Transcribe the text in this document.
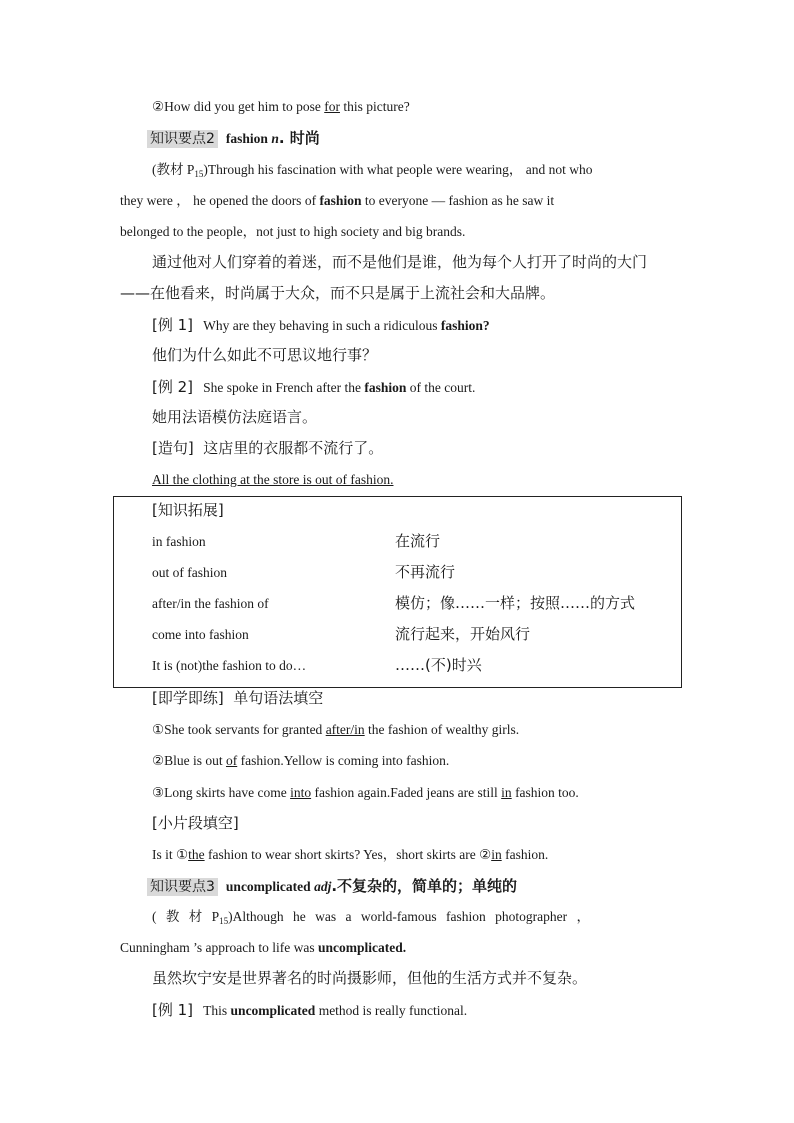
②How did you get him to pose for this picture?
知识要点2 fashion n. 时尚
(教材 $P_{15})Through$ his fascination with what people were wearing， and not who
they were ， he opened the doors of fashion to everyone — fashion as he saw it
belonged to the people，not just to high society and big brands.
通过他对人们穿着的着迷，而不是他们是谁，他为每个人打开了时尚的大门
——在他看来，时尚属于大众，而不只是属于上流社会和大品牌。
[例 1] Why are they behaving in such a ridiculous fashion?
他们为什么如此不可思议地行事？
[例 2] She spoke in French after the fashion of the court.
她用法语模仿法庭语言。
[造句] 这店里的衣服都不流行了。
All the clothing at the store is out of fashion.
[知识拓展]
in fashion	在流行
out of fashion	不再流行
after/in the fashion of	模仿；像……一样；按照……的方式
come into fashion	流行起来，开始风行
It is (not)the fashion to do…	……(不)时兴
[即学即练] 单句语法填空
①She took servants for granted after/in the fashion of wealthy girls.
②Blue is out of fashion.Yellow is coming into fashion.
③Long skirts have come into fashion again.Faded jeans are still in fashion too.
[小片段填空]
Is it ①the fashion to wear short skirts? Yes，short skirts are ②in fashion.
知识要点3 uncomplicated adj.不复杂的，简单的；单纯的
( 教 材 $P_{15})Although$ he was a world-famous fashion photographer ，
Cunningham ’s approach to life was uncomplicated.
虽然坎宁安是世界著名的时尚摄影师，但他的生活方式并不复杂。
[例 1] This uncomplicated method is really functional.
